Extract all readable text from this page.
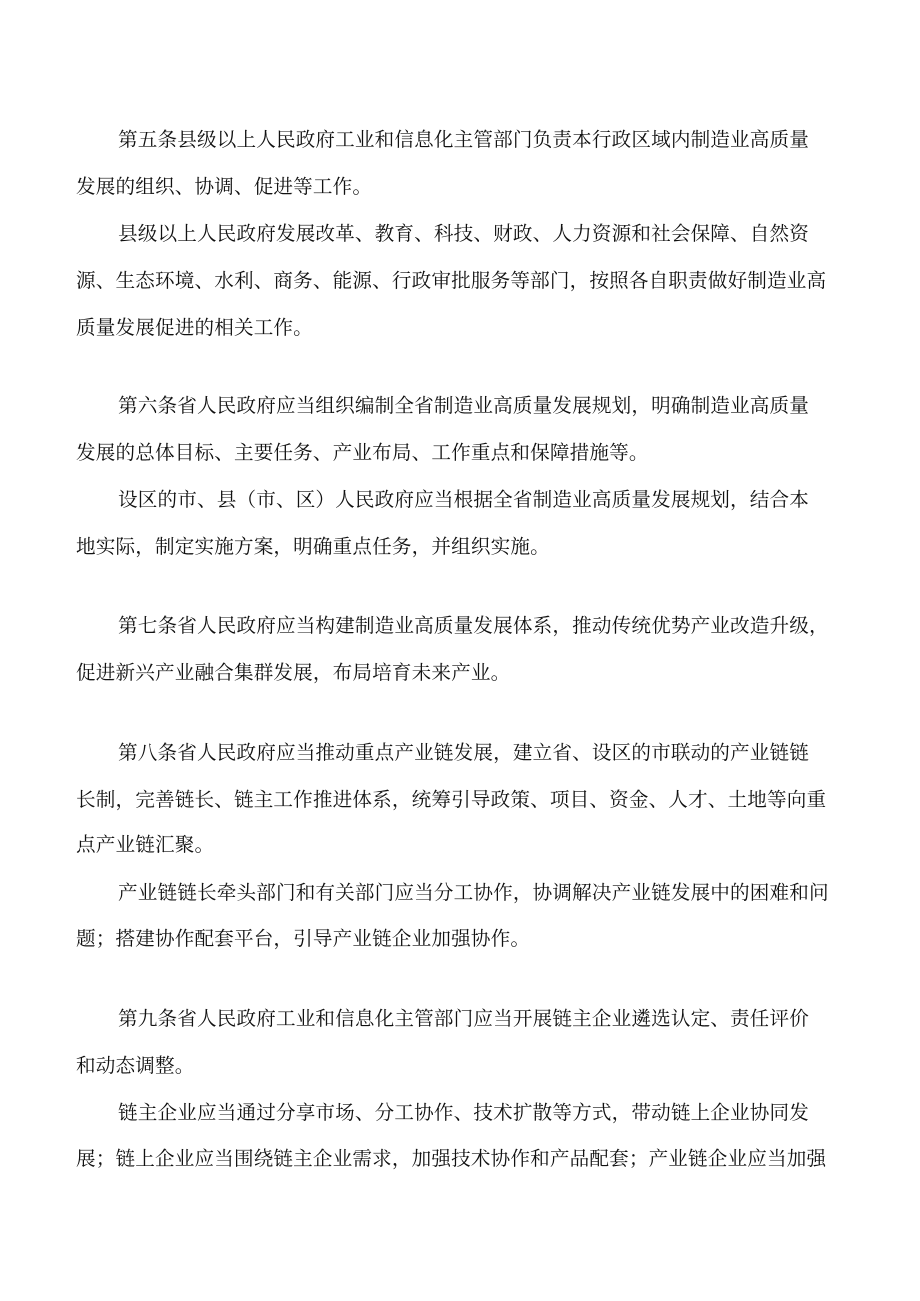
第五条县级以上人民政府工业和信息化主管部门负责本行政区域内制造业高质量
发展的组织、协调、促进等工作。
县级以上人民政府发展改革、教育、科技、财政、人力资源和社会保障、自然资
源、生态环境、水利、商务、能源、行政审批服务等部门，按照各自职责做好制造业高
质量发展促进的相关工作。
第六条省人民政府应当组织编制全省制造业高质量发展规划，明确制造业高质量
发展的总体目标、主要任务、产业布局、工作重点和保障措施等。
设区的市、县（市、区）人民政府应当根据全省制造业高质量发展规划，结合本
地实际，制定实施方案，明确重点任务，并组织实施。
第七条省人民政府应当构建制造业高质量发展体系，推动传统优势产业改造升级，
促进新兴产业融合集群发展，布局培育未来产业。
第八条省人民政府应当推动重点产业链发展，建立省、设区的市联动的产业链链
长制，完善链长、链主工作推进体系，统筹引导政策、项目、资金、人才、土地等向重
点产业链汇聚。
产业链链长牵头部门和有关部门应当分工协作，协调解决产业链发展中的困难和问
题；搭建协作配套平台，引导产业链企业加强协作。
第九条省人民政府工业和信息化主管部门应当开展链主企业遴选认定、责任评价
和动态调整。
链主企业应当通过分享市场、分工协作、技术扩散等方式，带动链上企业协同发
展；链上企业应当围绕链主企业需求，加强技术协作和产品配套；产业链企业应当加强
